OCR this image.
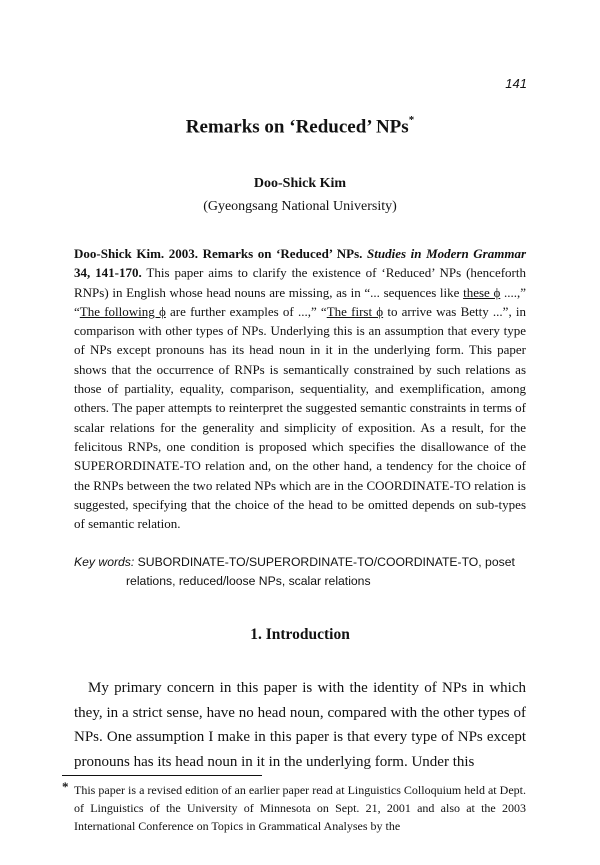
141
Remarks on ‘Reduced’ NPs*
Doo-Shick Kim
(Gyeongsang National University)
Doo-Shick Kim. 2003. Remarks on ‘Reduced’ NPs. Studies in Modern Grammar 34, 141-170. This paper aims to clarify the existence of ‘Reduced’ NPs (henceforth RNPs) in English whose head nouns are missing, as in “... sequences like these ϕ ....,” “The following ϕ are further examples of ...,” “The first ϕ to arrive was Betty ...”, in comparison with other types of NPs. Underlying this is an assumption that every type of NPs except pronouns has its head noun in it in the underlying form. This paper shows that the occurrence of RNPs is semantically constrained by such relations as those of partiality, equality, comparison, sequentiality, and exemplification, among others. The paper attempts to reinterpret the suggested semantic constraints in terms of scalar relations for the generality and simplicity of exposition. As a result, for the felicitous RNPs, one condition is proposed which specifies the disallowance of the SUPERORDINATE-TO relation and, on the other hand, a tendency for the choice of the RNPs between the two related NPs which are in the COORDINATE-TO relation is suggested, specifying that the choice of the head to be omitted depends on sub-types of semantic relation.
Key words: SUBORDINATE-TO/SUPERORDINATE-TO/COORDINATE-TO, poset
relations, reduced/loose NPs, scalar relations
1. Introduction

My primary concern in this paper is with the identity of NPs in which they, in a strict sense, have no head noun, compared with the other types of NPs. One assumption I make in this paper is that every type of NPs except pronouns has its head noun in it in the underlying form. Under this

* This paper is a revised edition of an earlier paper read at Linguistics Colloquium held at Dept. of Linguistics of the University of Minnesota on Sept. 21, 2001 and also at the 2003 International Conference on Topics in Grammatical Analyses by the
